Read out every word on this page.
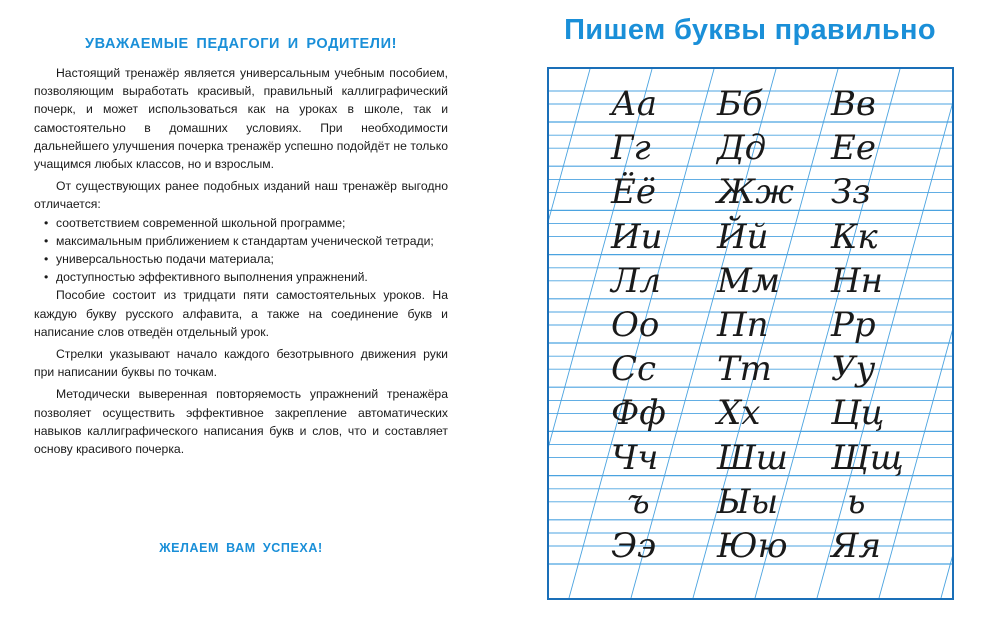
УВАЖАЕМЫЕ ПЕДАГОГИ И РОДИТЕЛИ!

Настоящий тренажёр является универсальным учебным пособием, позволяющим выработать красивый, правильный каллиграфический почерк, и может использоваться как на уроках в школе, так и самостоятельно в домашних условиях. При необходимости дальнейшего улучшения почерка тренажёр успешно подойдёт не только учащимся любых классов, но и взрослым.

От существующих ранее подобных изданий наш тренажёр выгодно отличается:

• соответствием современной школьной программе;
• максимальным приближением к стандартам ученической тетради;
• универсальностью подачи материала;
• доступностью эффективного выполнения упражнений.

Пособие состоит из тридцати пяти самостоятельных уроков. На каждую букву русского алфавита, а также на соединение букв и написание слов отведён отдельный урок.

Стрелки указывают начало каждого безотрывного движения руки при написании буквы по точкам.

Методически выверенная повторяемость упражнений тренажёра позволяет осуществить эффективное закрепление автоматических навыков каллиграфического написания букв и слов, что и составляет основу красивого почерка.

ЖЕЛАЕМ ВАМ УСПЕХА!
Пишем буквы правильно
Аа Бб Вв
Гг Дд Ее
Ёё Жж Зз
Ии Йй Кк
Лл Мм Нн
Оо Пп Рр
Сс Тт Уу
Фф Хх Цц
Чч Шш Щщ
ъ Ыы ь
Ээ Юю Яя
